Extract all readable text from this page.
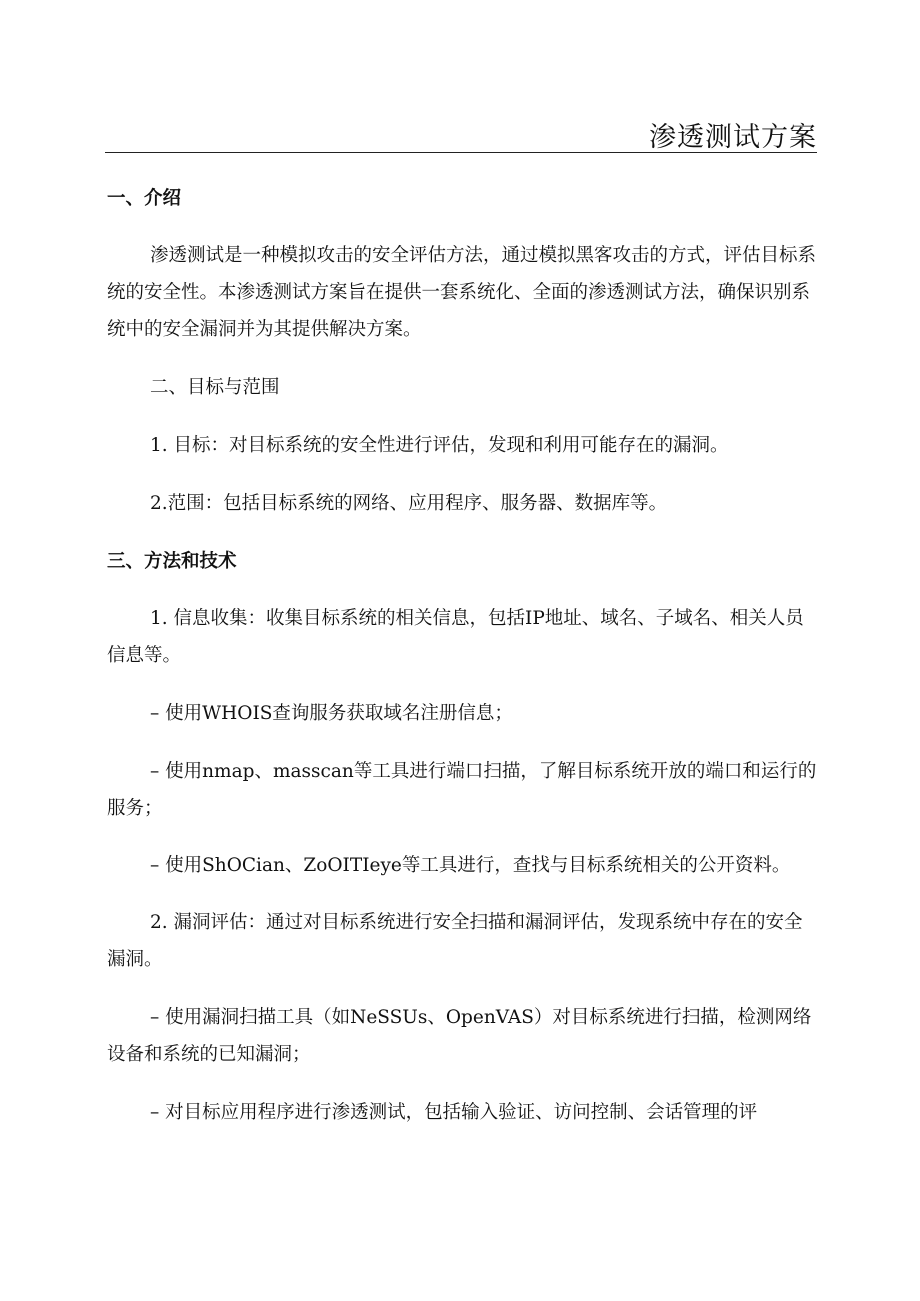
渗透测试方案

一、介绍

渗透测试是一种模拟攻击的安全评估方法，通过模拟黑客攻击的方式，评估目标系统的安全性。本渗透测试方案旨在提供一套系统化、全面的渗透测试方法，确保识别系统中的安全漏洞并为其提供解决方案。

二、目标与范围

1. 目标：对目标系统的安全性进行评估，发现和利用可能存在的漏洞。

2.范围：包括目标系统的网络、应用程序、服务器、数据库等。

三、方法和技术

1. 信息收集：收集目标系统的相关信息，包括IP地址、域名、子域名、相关人员信息等。

– 使用WHOIS查询服务获取域名注册信息；

– 使用nmap、masscan等工具进行端口扫描，了解目标系统开放的端口和运行的服务；

– 使用ShOCian、ZoOITIeye等工具进行，查找与目标系统相关的公开资料。

2. 漏洞评估：通过对目标系统进行安全扫描和漏洞评估，发现系统中存在的安全漏洞。

– 使用漏洞扫描工具（如NeSSUs、OpenVAS）对目标系统进行扫描，检测网络设备和系统的已知漏洞；

– 对目标应用程序进行渗透测试，包括输入验证、访问控制、会话管理的评
